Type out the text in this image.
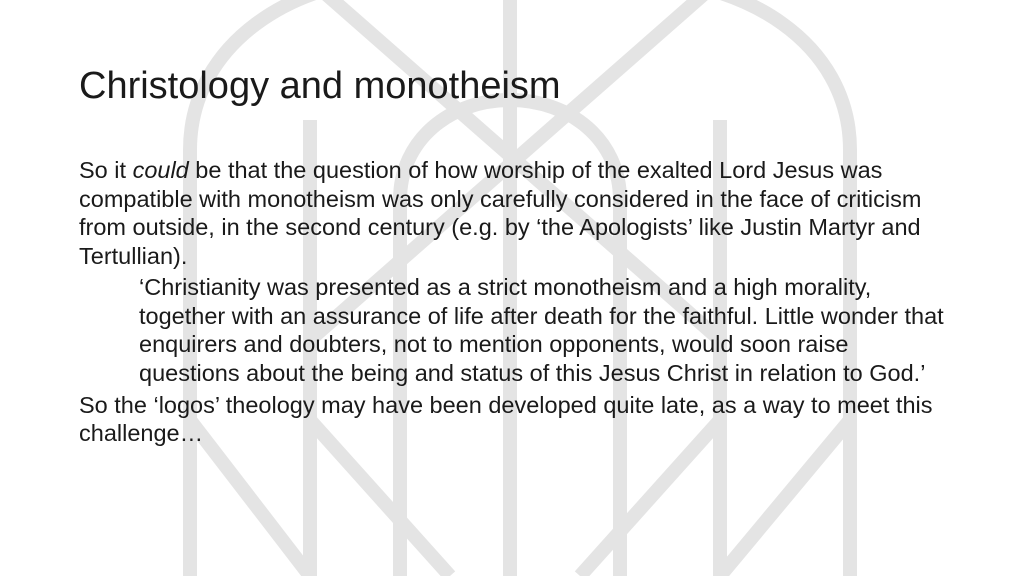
Christology and monotheism

So it could be that the question of how worship of the exalted Lord Jesus was compatible with monotheism was only carefully considered in the face of criticism from outside, in the second century (e.g. by ‘the Apologists’ like Justin Martyr and Tertullian).

‘Christianity was presented as a strict monotheism and a high morality, together with an assurance of life after death for the faithful. Little wonder that enquirers and doubters, not to mention opponents, would soon raise questions about the being and status of this Jesus Christ in relation to God.’

So the ‘logos’ theology may have been developed quite late, as a way to meet this challenge…
